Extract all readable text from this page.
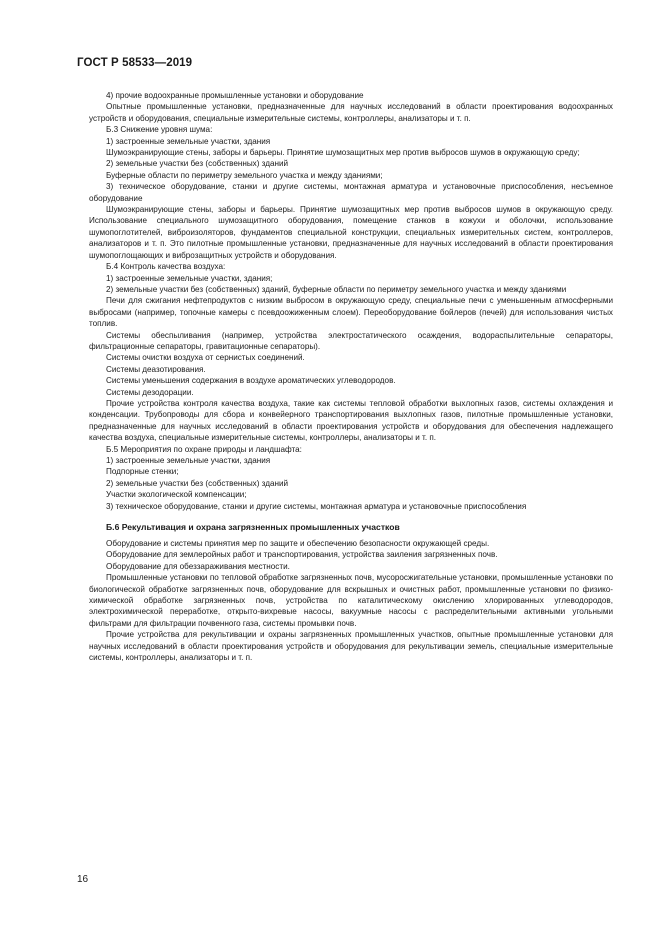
ГОСТ Р 58533—2019

4) прочие водоохранные промышленные установки и оборудование

Опытные промышленные установки, предназначенные для научных исследований в области проектирования водоохранных устройств и оборудования, специальные измерительные системы, контроллеры, анализаторы и т. п.

Б.3 Снижение уровня шума:

1) застроенные земельные участки, здания

Шумоэкранирующие стены, заборы и барьеры. Принятие шумозащитных мер против выбросов шумов в окружающую среду;

2) земельные участки без (собственных) зданий

Буферные области по периметру земельного участка и между зданиями;

3) техническое оборудование, станки и другие системы, монтажная арматура и установочные приспособления, несъемное оборудование

Шумоэкранирующие стены, заборы и барьеры. Принятие шумозащитных мер против выбросов шумов в окружающую среду. Использование специального шумозащитного оборудования, помещение станков в кожухи и оболочки, использование шумопоглотителей, виброизоляторов, фундаментов специальной конструкции, специальных измерительных систем, контроллеров, анализаторов и т. п. Это пилотные промышленные установки, предназначенные для научных исследований в области проектирования шумопоглощающих и виброзащитных устройств и оборудования.

Б.4 Контроль качества воздуха:

1) застроенные земельные участки, здания;

2) земельные участки без (собственных) зданий, буферные области по периметру земельного участка и между зданиями

Печи для сжигания нефтепродуктов с низким выбросом в окружающую среду, специальные печи с уменьшенным атмосферными выбросами (например, топочные камеры с псевдоожиженным слоем). Переоборудование бойлеров (печей) для использования чистых топлив.

Системы обеспыливания (например, устройства электростатического осаждения, водораспылительные сепараторы, фильтрационные сепараторы, гравитационные сепараторы).

Системы очистки воздуха от сернистых соединений.

Системы деазотирования.

Системы уменьшения содержания в воздухе ароматических углеводородов.

Системы дезодорации.

Прочие устройства контроля качества воздуха, такие как системы тепловой обработки выхлопных газов, системы охлаждения и конденсации. Трубопроводы для сбора и конвейерного транспортирования выхлопных газов, пилотные промышленные установки, предназначенные для научных исследований в области проектирования устройств и оборудования для обеспечения надлежащего качества воздуха, специальные измерительные системы, контроллеры, анализаторы и т. п.

Б.5 Мероприятия по охране природы и ландшафта:

1) застроенные земельные участки, здания

Подпорные стенки;

2) земельные участки без (собственных) зданий

Участки экологической компенсации;

3) техническое оборудование, станки и другие системы, монтажная арматура и установочные приспособления

Б.6 Рекультивация и охрана загрязненных промышленных участков

Оборудование и системы принятия мер по защите и обеспечению безопасности окружающей среды.

Оборудование для землеройных работ и транспортирования, устройства заиления загрязненных почв.

Оборудование для обеззараживания местности.

Промышленные установки по тепловой обработке загрязненных почв, мусоросжигательные установки, промышленные установки по биологической обработке загрязненных почв, оборудование для вскрышных и очистных работ, промышленные установки по физико-химической обработке загрязненных почв, устройства по каталитическому окислению хлорированных углеводородов, электрохимической переработке, открыто-вихревые насосы, вакуумные насосы с распределительными активными угольными фильтрами для фильтрации почвенного газа, системы промывки почв.

Прочие устройства для рекультивации и охраны загрязненных промышленных участков, опытные промышленные установки для научных исследований в области проектирования устройств и оборудования для рекультивации земель, специальные измерительные системы, контроллеры, анализаторы и т. п.

16
